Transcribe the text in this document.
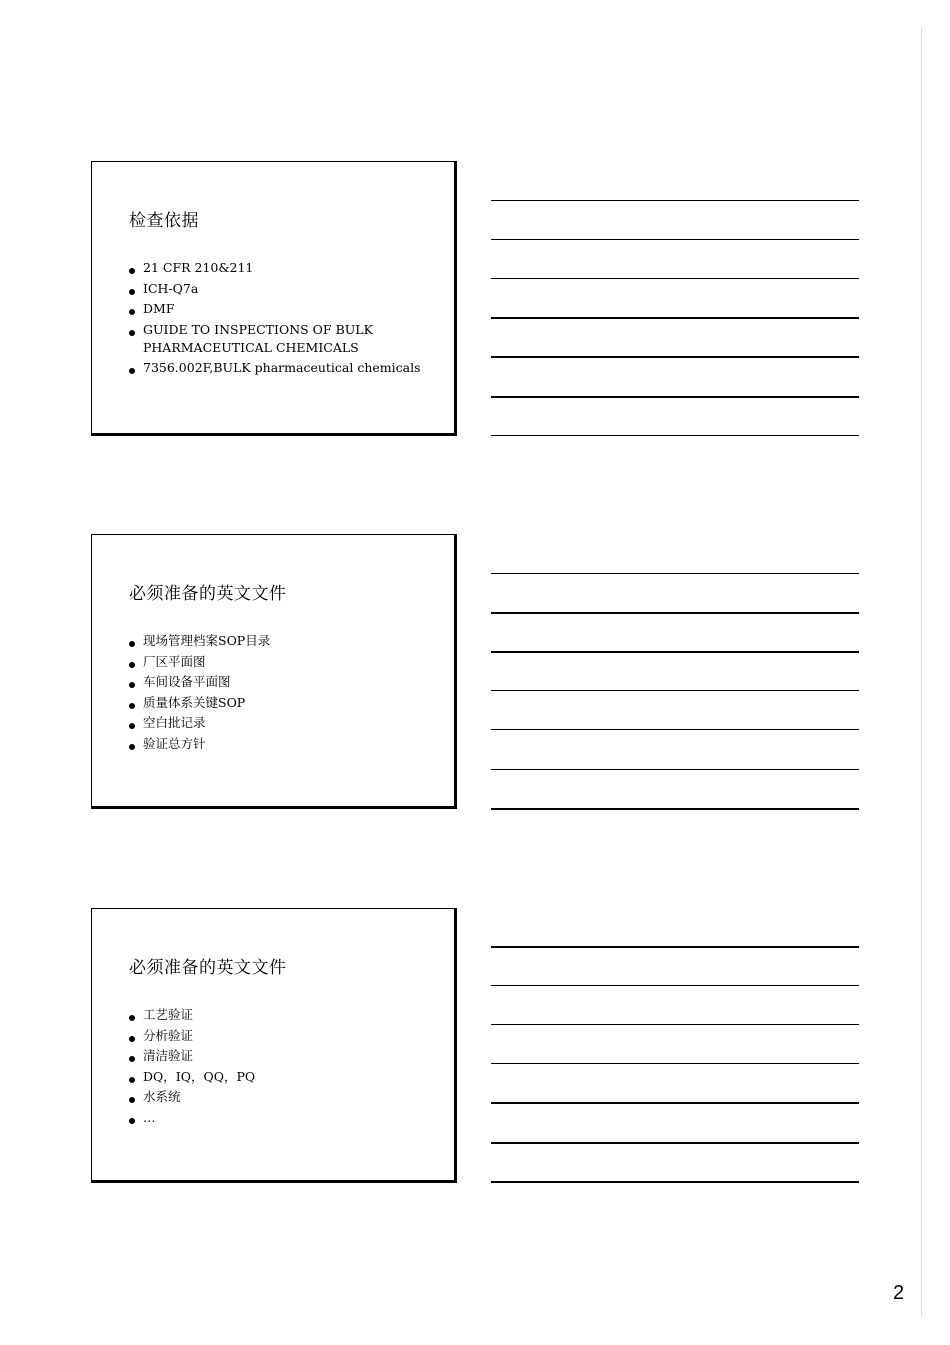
检查依据
21 CFR 210&211
ICH-Q7a
DMF
GUIDE TO INSPECTIONS OF BULK PHARMACEUTICAL CHEMICALS
7356.002F,BULK pharmaceutical chemicals
必须准备的英文文件
现场管理档案SOP目录
厂区平面图
车间设备平面图
质量体系关键SOP
空白批记录
验证总方针
必须准备的英文文件
工艺验证
分析验证
清洁验证
DQ，IQ，QQ，PQ
水系统
…
2
